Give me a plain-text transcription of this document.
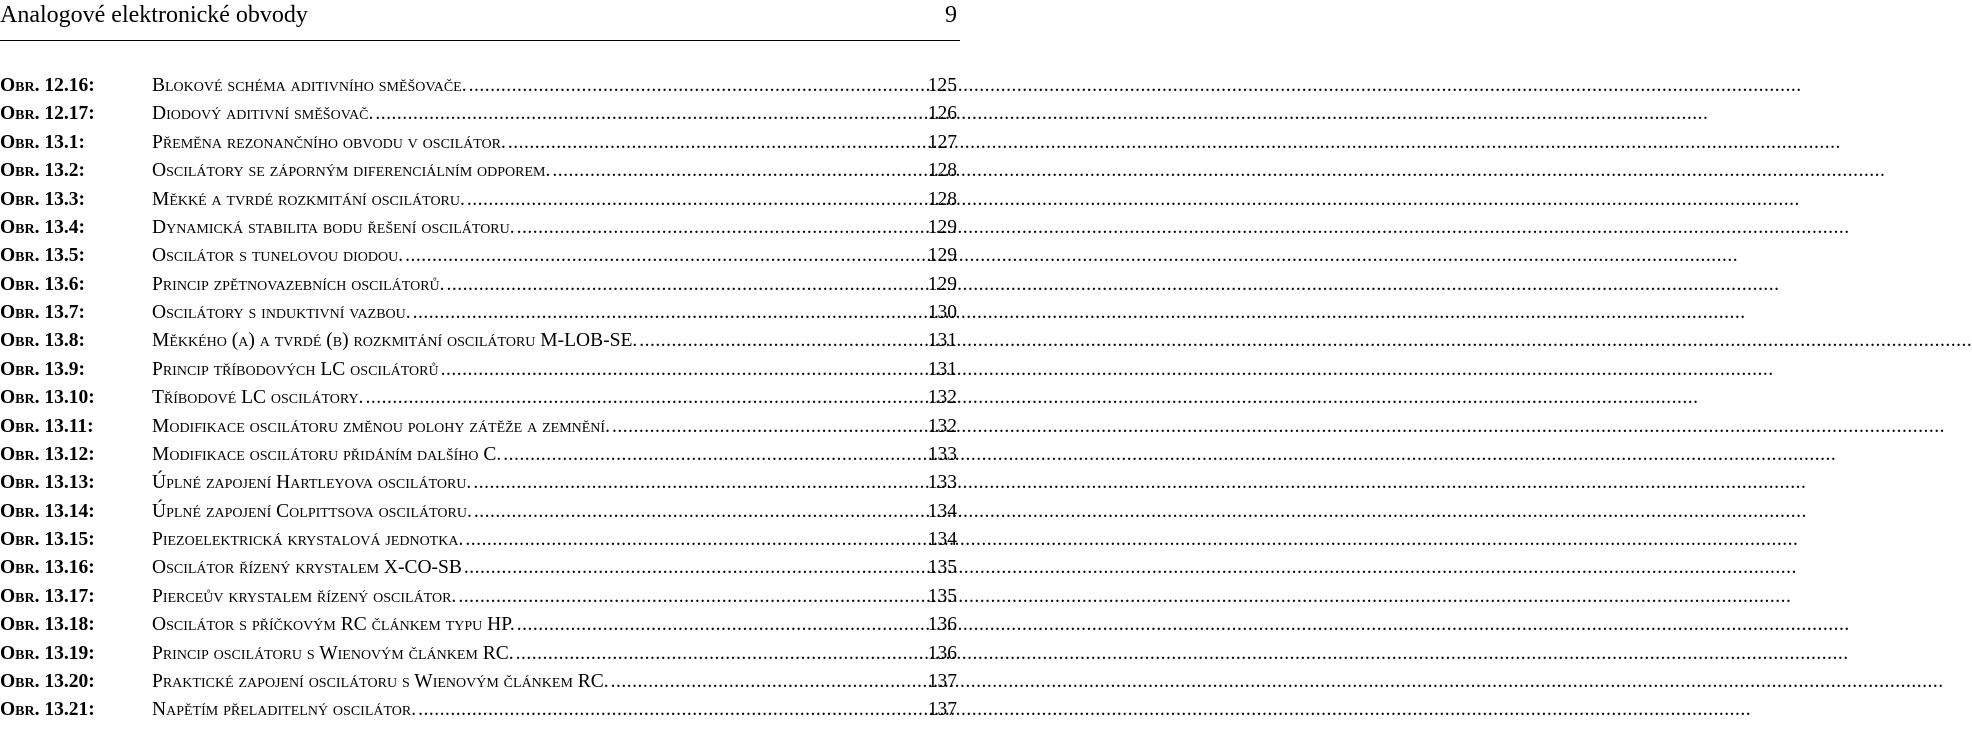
Analogové elektronické obvody	9
Obr. 12.16:	Blokové schéma aditivního směšovače. .....	125
Obr. 12.17:	Diodový aditivní směšovač. .....	126
Obr. 13.1:	Přeměna rezonančního obvodu v oscilátor. .....	127
Obr. 13.2:	Oscilátory se záporným diferenciálním odporem. .....	128
Obr. 13.3:	Měkké a tvrdé rozkmitání oscilátoru. .....	128
Obr. 13.4:	Dynamická stabilita bodu řešení oscilátoru. .....	129
Obr. 13.5:	Oscilátor s tunelovou diodou. .....	129
Obr. 13.6:	Princip zpětnovazebních oscilátorů. .....	129
Obr. 13.7:	Oscilátory s induktivní vazbou. .....	130
Obr. 13.8:	Měkkého (a) a tvrdé (b) rozkmitání oscilátoru M-LOB-SE. .....	131
Obr. 13.9:	Princip tříbodových LC oscilátorů .....	131
Obr. 13.10:	Tříbodové LC oscilátory. .....	132
Obr. 13.11:	Modifikace oscilátoru změnou polohy zátěže a zemnění. .....	132
Obr. 13.12:	Modifikace oscilátoru přidáním dalšího C. .....	133
Obr. 13.13:	Úplné zapojení Hartleyova oscilátoru. .....	133
Obr. 13.14:	Úplné zapojení Colpittsova oscilátoru. .....	134
Obr. 13.15:	Piezoelektrická krystalová jednotka. .....	134
Obr. 13.16:	Oscilátor řízený krystalem X-CO-SB .....	135
Obr. 13.17:	Pierceův krystalem řízený oscilátor. .....	135
Obr. 13.18:	Oscilátor s příčkovým RC článkem typu HP. .....	136
Obr. 13.19:	Princip oscilátoru s Wienovým článkem RC. .....	136
Obr. 13.20:	Praktické zapojení oscilátoru s Wienovým článkem RC. .....	137
Obr. 13.21:	Napětím přeladitelný oscilátor. .....	137
